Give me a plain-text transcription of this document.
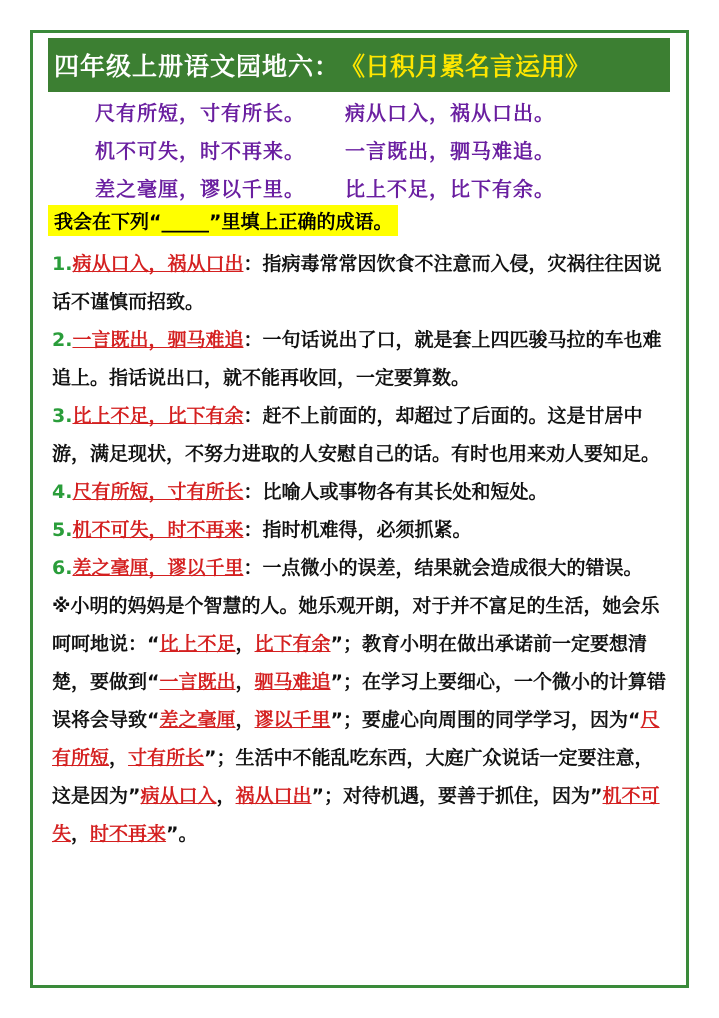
四年级上册语文园地六： 《日积月累名言运用》
尺有所短，寸有所长。	病从口入，祸从口出。
机不可失，时不再来。	一言既出，驷马难追。
差之毫厘，谬以千里。	比上不足，比下有余。
我会在下列“_____”里填上正确的成语。

1.病从口入，祸从口出：指病毒常常因饮食不注意而入侵，灾祸往往因说话不谨慎而招致。

2.一言既出，驷马难追：一句话说出了口，就是套上四匹骏马拉的车也难追上。指话说出口，就不能再收回，一定要算数。

3.比上不足，比下有余：赶不上前面的，却超过了后面的。这是甘居中游，满足现状，不努力进取的人安慰自己的话。有时也用来劝人要知足。

4.尺有所短，寸有所长：比喻人或事物各有其长处和短处。

5.机不可失，时不再来：指时机难得，必须抓紧。

6.差之毫厘，谬以千里：一点微小的误差，结果就会造成很大的错误。

※小明的妈妈是个智慧的人。她乐观开朗，对于并不富足的生活，她会乐呵呵地说：“比上不足，比下有余”；教育小明在做出承诺前一定要想清楚，要做到“一言既出，驷马难追”；在学习上要细心，一个微小的计算错误将会导致“差之毫厘，谬以千里”；要虚心向周围的同学学习，因为“尺有所短，寸有所长”；生活中不能乱吃东西，大庭广众说话一定要注意，这是因为”病从口入，祸从口出”；对待机遇，要善于抓住，因为”机不可失，时不再来”。
